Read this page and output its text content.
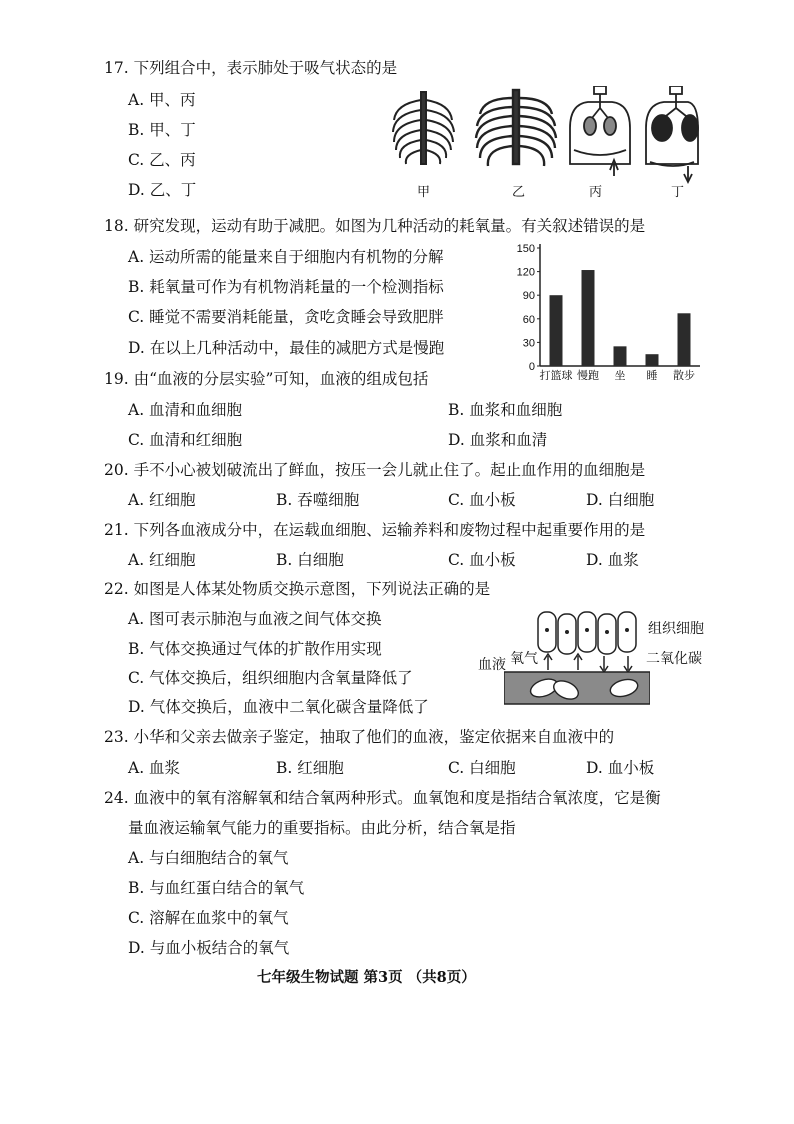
17. 下列组合中，表示肺处于吸气状态的是
A. 甲、丙
B. 甲、丁
C. 乙、丙
D. 乙、丁	甲	乙	丙	丁
18. 研究发现，运动有助于减肥。如图为几种活动的耗氧量。有关叙述错误的是
A. 运动所需的能量来自于细胞内有机物的分解
B. 耗氧量可作为有机物消耗量的一个检测指标
C. 睡觉不需要消耗能量，贪吃贪睡会导致肥胖
D. 在以上几种活动中，最佳的减肥方式是慢跑
0
30
60
90
120
150
打篮球 慢跑 坐 睡 散步
19. 由“血液的分层实验”可知，血液的组成包括
A. 血清和血细胞	B. 血浆和血细胞
C. 血清和红细胞	D. 血浆和血清
20. 手不小心被划破流出了鲜血，按压一会儿就止住了。起止血作用的血细胞是
A. 红细胞	B. 吞噬细胞	C. 血小板	D. 白细胞
21. 下列各血液成分中，在运载血细胞、运输养料和废物过程中起重要作用的是
A. 红细胞	B. 白细胞	C. 血小板	D. 血浆
22. 如图是人体某处物质交换示意图，下列说法正确的是
A. 图可表示肺泡与血液之间气体交换
B. 气体交换通过气体的扩散作用实现
C. 气体交换后，组织细胞内含氧量降低了
D. 气体交换后，血液中二氧化碳含量降低了
组织细胞
血液 氧气	二氧化碳
23. 小华和父亲去做亲子鉴定，抽取了他们的血液，鉴定依据来自血液中的
A. 血浆	B. 红细胞	C. 白细胞	D. 血小板
24. 血液中的氧有溶解氧和结合氧两种形式。血氧饱和度是指结合氧浓度，它是衡
量血液运输氧气能力的重要指标。由此分析，结合氧是指
A. 与白细胞结合的氧气
B. 与血红蛋白结合的氧气
C. 溶解在血浆中的氧气
D. 与血小板结合的氧气
七年级生物试题 第3页 （共8页）
